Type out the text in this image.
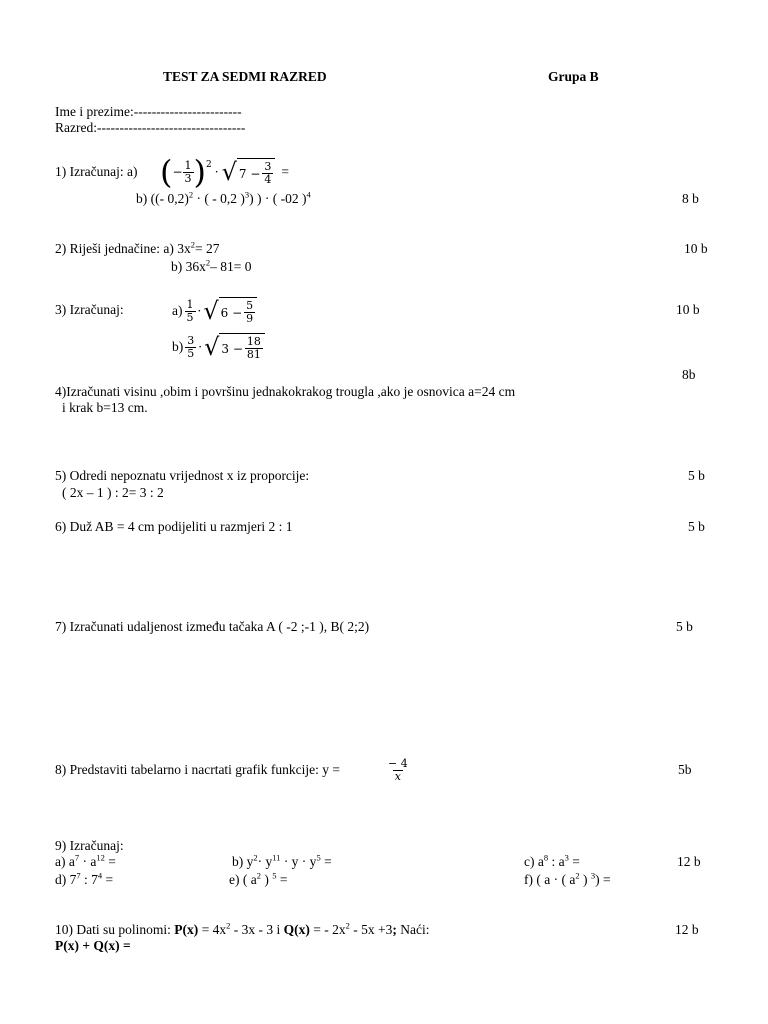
TEST ZA SEDMI RAZRED	Grupa B
Ime i prezime:------------------------
Razred:---------------------------------
1) Izračunaj: a) ( − $\frac{1}{3}$ ) 2 · √ $7 - \frac{3}{4}$ =
b) ((- 0,2)$^2$ · ( - 0,2 )$^3$) ) · ( -02 )$^4$	8 b
2) Riješi jednačine: a) $3x^2= 27$	10 b
b) $36x^2-$ 81= 0
3) Izračunaj:	$a) \frac{1}{5}$ · √ $6 - \frac{5}{9}$	10 b
$b) \frac{3}{5}$ · √ $3 - \frac{18}{81}$
8b
4)Izračunati visinu ,obim i površinu jednakokrakog trougla ,ako je osnovica a=24 cm
i krak b=13 cm.
5) Odredi nepoznatu vrijednost x iz proporcije:	5 b
( 2x – 1 ) : 2= 3 : 2
6) Duž AB = 4 cm podijeliti u razmjeri 2 : 1	5 b
7) Izračunati udaljenost između tačaka A ( -2 ;-1 ), B( 2;2)	5 b
8) Predstaviti tabelarno i nacrtati grafik funkcije: y =	$\frac{- 4}{x}$	5b
9) Izračunaj:
a) $a^7 \cdot a^{12}$ =	b) $y^2\cdot y^{11} \cdot y \cdot y^5$ =	c) $a^8$ : $a^3$ =	12 b
d) $7^7$ : $7^4$ =	e) ( $a^2$ ) $^5$ =	f) ( a · ( $a^2$ ) $^3$) =
10) Dati su polinomi: $P(x) = 4x^2 - 3x - 3$ i Q(x) = - $2x^2 - 5x +3$; Naći:	12 b
P(x) + Q(x) =
